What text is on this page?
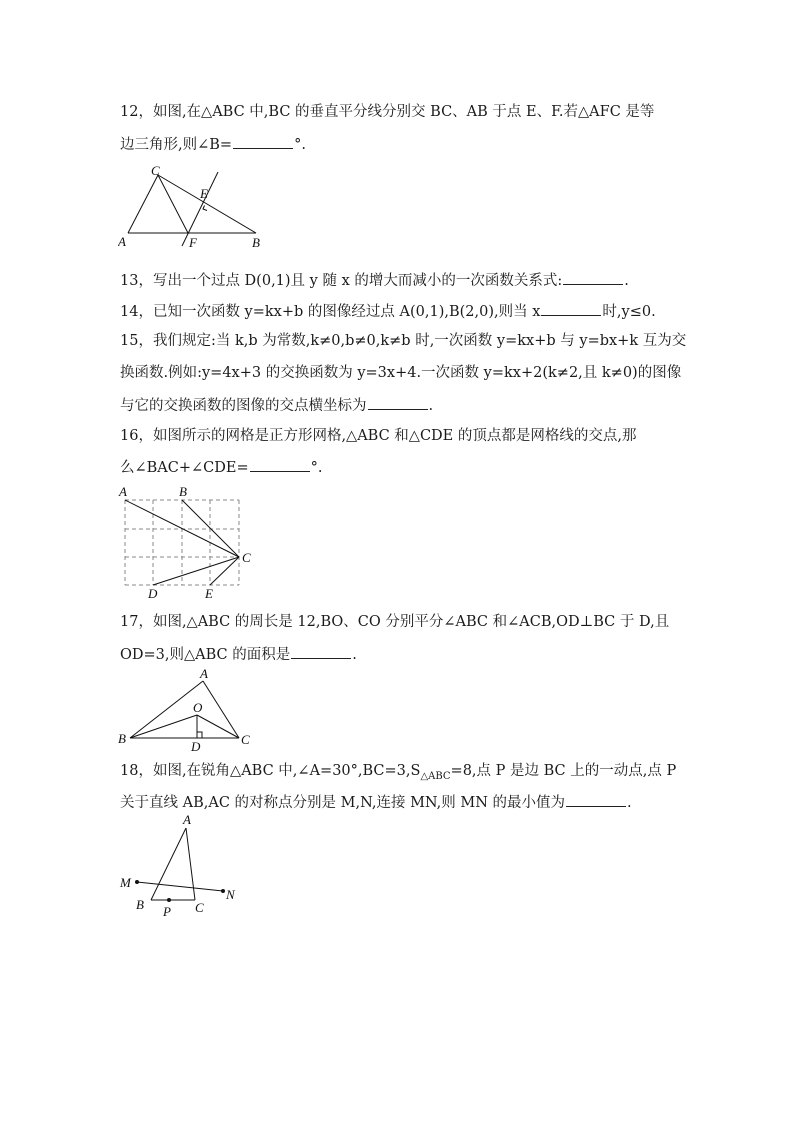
12，如图,在△ABC 中,BC 的垂直平分线分别交 BC、AB 于点 E、F.若△AFC 是等
边三角形,则∠B=	°.
A
C
E
F	B
13，写出一个过点 D(0,1)且 y 随 x 的增大而减小的一次函数关系式:	.
14，已知一次函数 y=kx+b 的图像经过点 A(0,1),B(2,0),则当 x	时,y≤0.
15，我们规定:当 k,b 为常数,k≠0,b≠0,k≠b 时,一次函数 y=kx+b 与 y=bx+k 互为交
换函数.例如:y=4x+3 的交换函数为 y=3x+4.一次函数 y=kx+2(k≠2,且 k≠0)的图像
与它的交换函数的图像的交点横坐标为	.
16，如图所示的网格是正方形网格,△ABC 和△CDE 的顶点都是网格线的交点,那
么∠BAC+∠CDE=	°.
A	B
C
D	E
17，如图,△ABC 的周长是 12,BO、CO 分别平分∠ABC 和∠ACB,OD⊥BC 于 D,且
OD=3,则△ABC 的面积是	.
A
O
B
D	C
18，如图,在锐角△ABC 中$,\angle A=30^\circ,BC=3,S_{\triangle ABC}=8$,点 P 是边 BC 上的一动点,点 P
关于直线 AB,AC 的对称点分别是 M,N,连接 MN,则 MN 的最小值为	.
A
M
N
B P C
